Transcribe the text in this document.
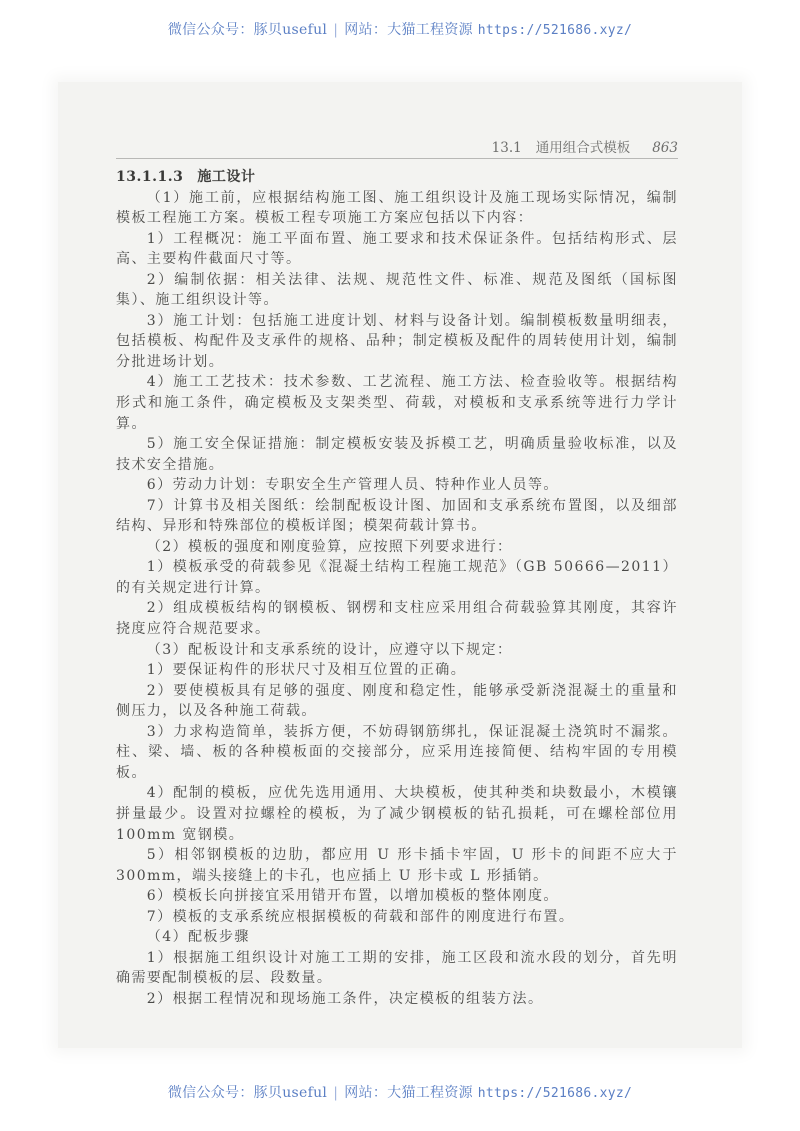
微信公众号：豚贝useful | 网站：大猫工程资源 https://521686.xyz/
13.1 通用组合式模板 863
13.1.1.3 施工设计

（1）施工前，应根据结构施工图、施工组织设计及施工现场实际情况，编制模板工程施工方案。模板工程专项施工方案应包括以下内容：

1）工程概况：施工平面布置、施工要求和技术保证条件。包括结构形式、层高、主要构件截面尺寸等。

2）编制依据：相关法律、法规、规范性文件、标准、规范及图纸（国标图集）、施工组织设计等。

3）施工计划：包括施工进度计划、材料与设备计划。编制模板数量明细表，包括模板、构配件及支承件的规格、品种；制定模板及配件的周转使用计划，编制分批进场计划。

4）施工工艺技术：技术参数、工艺流程、施工方法、检查验收等。根据结构形式和施工条件，确定模板及支架类型、荷载，对模板和支承系统等进行力学计算。

5）施工安全保证措施：制定模板安装及拆模工艺，明确质量验收标准，以及技术安全措施。

6）劳动力计划：专职安全生产管理人员、特种作业人员等。

7）计算书及相关图纸：绘制配板设计图、加固和支承系统布置图，以及细部结构、异形和特殊部位的模板详图；模架荷载计算书。

（2）模板的强度和刚度验算，应按照下列要求进行：

1）模板承受的荷载参见《混凝土结构工程施工规范》（GB 50666—2011）的有关规定进行计算。

2）组成模板结构的钢模板、钢楞和支柱应采用组合荷载验算其刚度，其容许挠度应符合规范要求。

（3）配板设计和支承系统的设计，应遵守以下规定：

1）要保证构件的形状尺寸及相互位置的正确。

2）要使模板具有足够的强度、刚度和稳定性，能够承受新浇混凝土的重量和侧压力，以及各种施工荷载。

3）力求构造简单，装拆方便，不妨碍钢筋绑扎，保证混凝土浇筑时不漏浆。柱、梁、墙、板的各种模板面的交接部分，应采用连接简便、结构牢固的专用模板。

4）配制的模板，应优先选用通用、大块模板，使其种类和块数最小，木模镶拼量最少。设置对拉螺栓的模板，为了减少钢模板的钻孔损耗，可在螺栓部位用 100mm 宽钢模。

5）相邻钢模板的边肋，都应用 U 形卡插卡牢固，U 形卡的间距不应大于 300mm，端头接缝上的卡孔，也应插上 U 形卡或 L 形插销。

6）模板长向拼接宜采用错开布置，以增加模板的整体刚度。

7）模板的支承系统应根据模板的荷载和部件的刚度进行布置。

（4）配板步骤

1）根据施工组织设计对施工工期的安排，施工区段和流水段的划分，首先明确需要配制模板的层、段数量。

2）根据工程情况和现场施工条件，决定模板的组装方法。

微信公众号：豚贝useful | 网站：大猫工程资源 https://521686.xyz/
